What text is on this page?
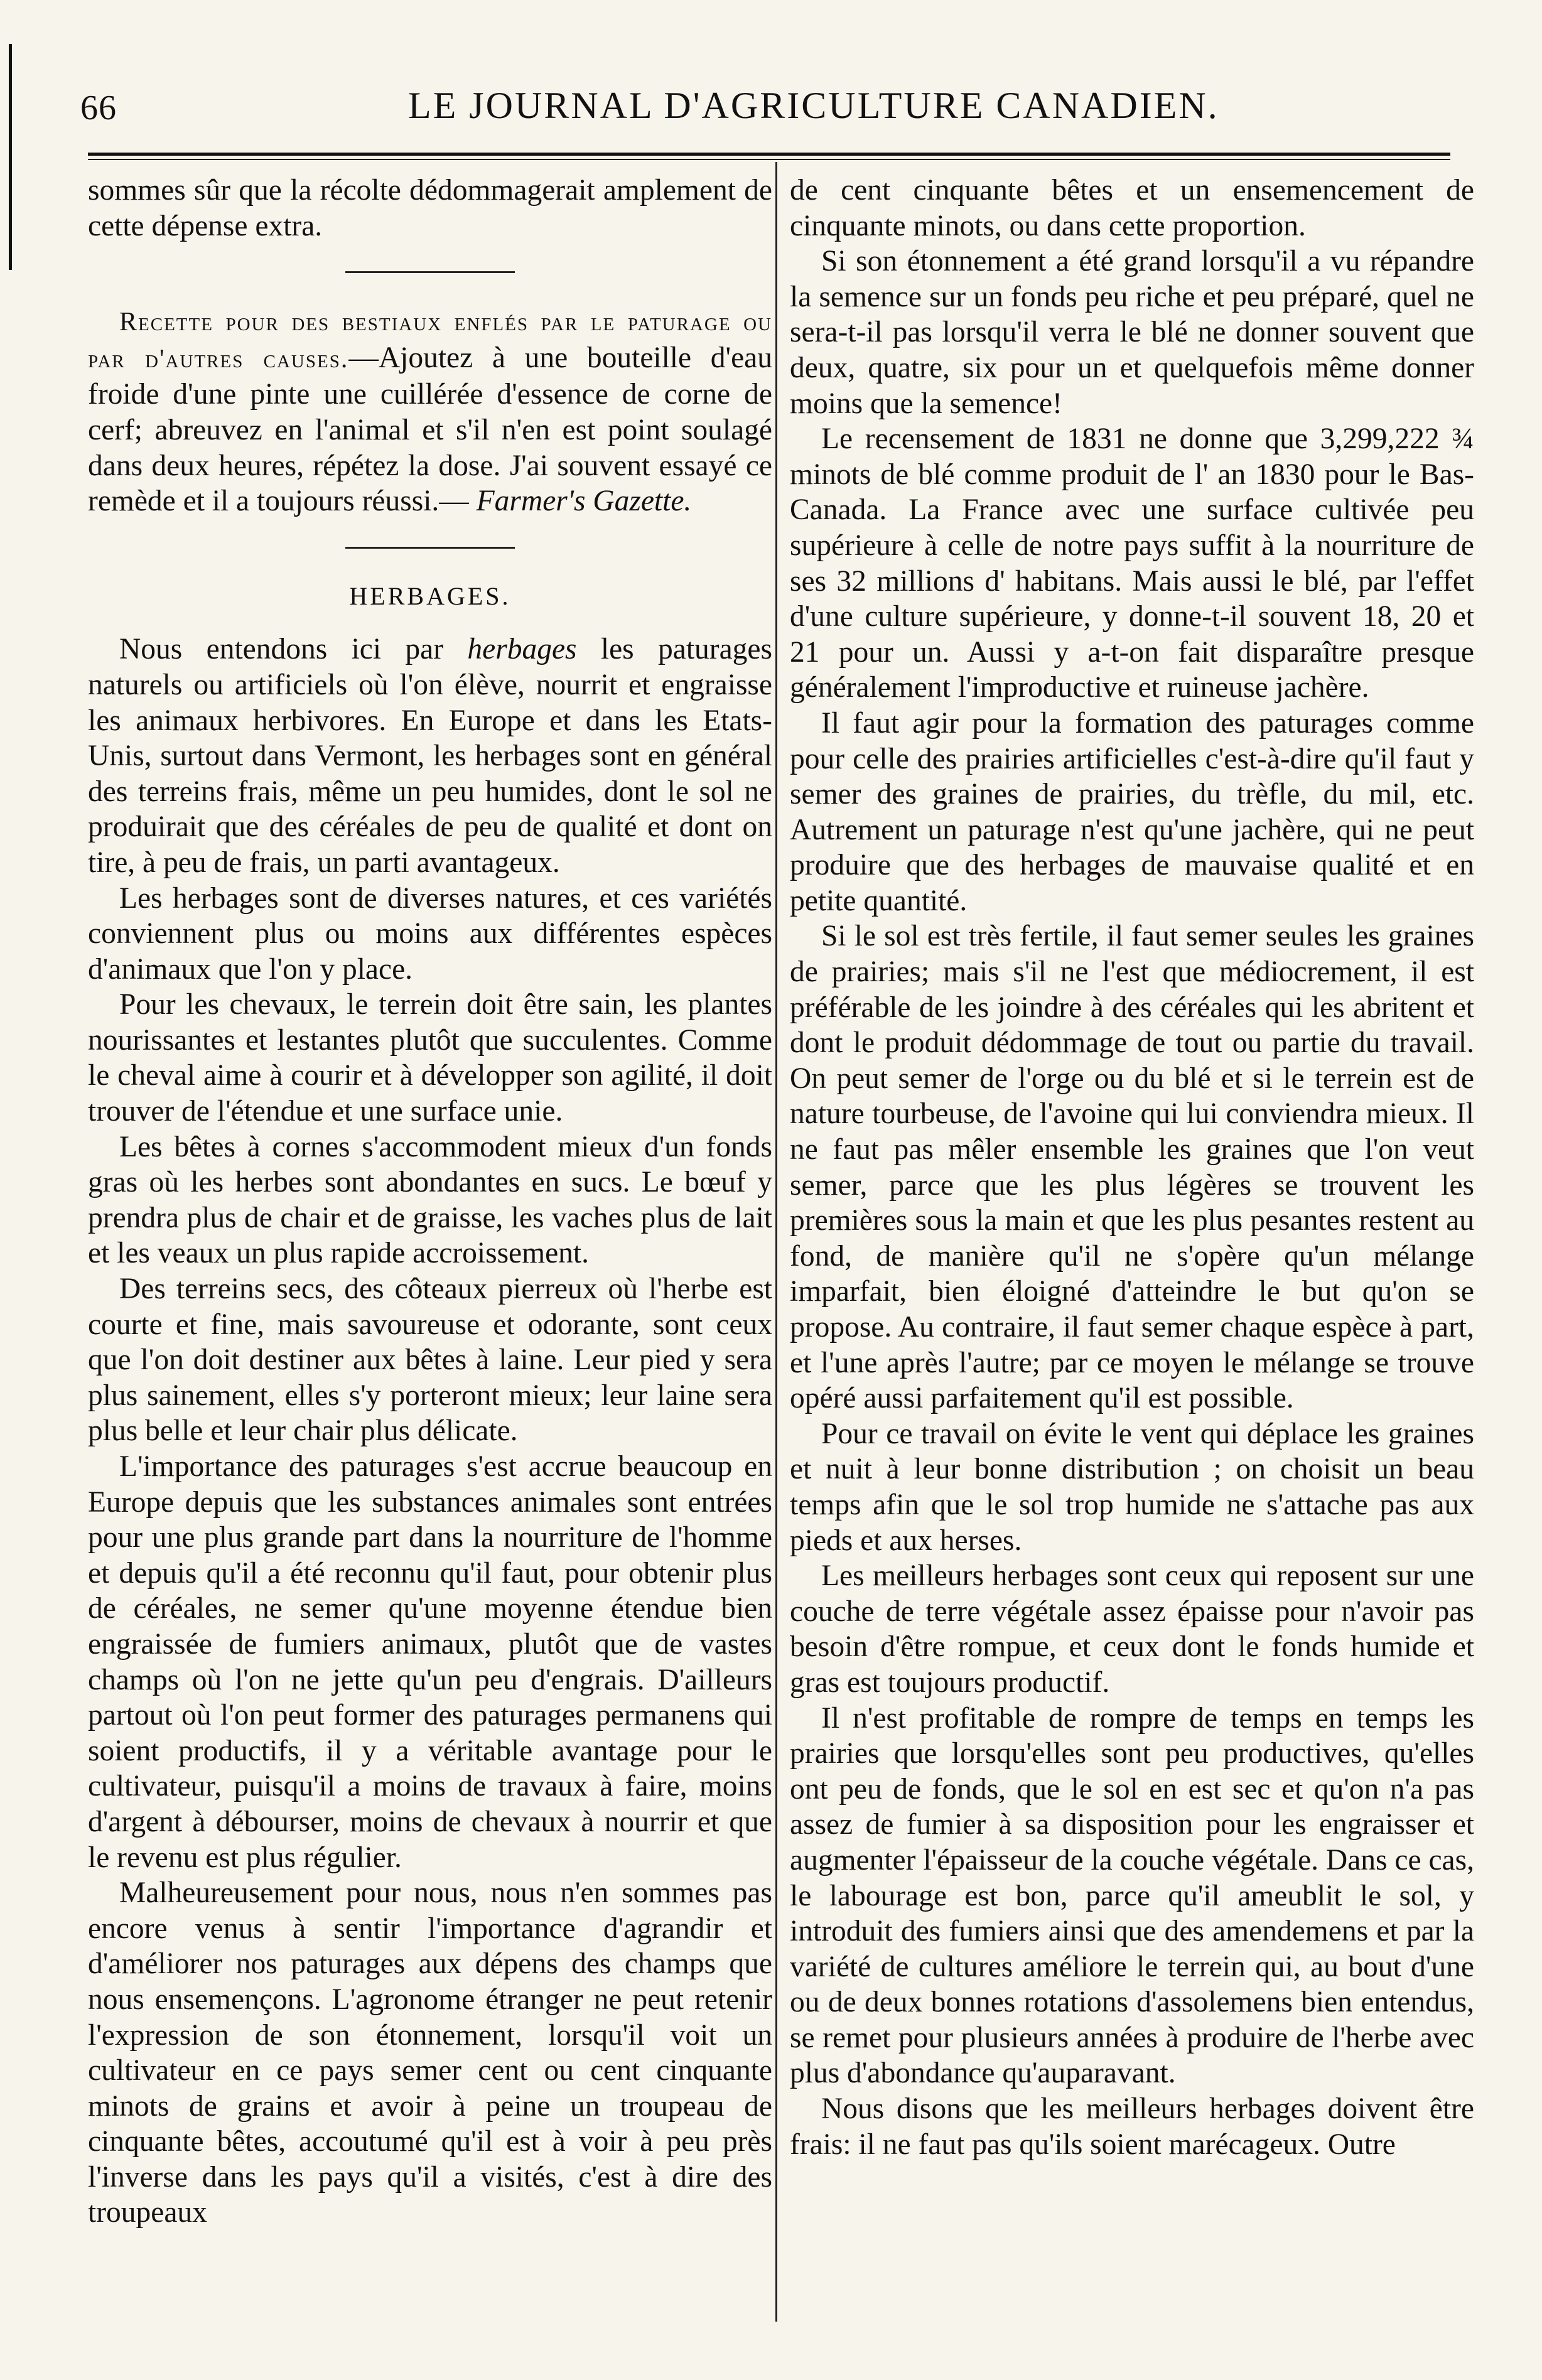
66	LE JOURNAL D'AGRICULTURE CANADIEN.

sommes sûr que la récolte dédommagerait amplement de cette dépense extra.

Recette pour des bestiaux enflés par le paturage ou par d'autres causes.—Ajoutez à une bouteille d'eau froide d'une pinte une cuillérée d'essence de corne de cerf; abreuvez en l'animal et s'il n'en est point soulagé dans deux heures, répétez la dose. J'ai souvent essayé ce remède et il a toujours réussi.— Farmer's Gazette.

HERBAGES.

Nous entendons ici par herbages les paturages naturels ou artificiels où l'on élève, nourrit et engraisse les animaux herbivores. En Europe et dans les Etats-Unis, surtout dans Vermont, les herbages sont en général des terreins frais, même un peu humides, dont le sol ne produirait que des céréales de peu de qualité et dont on tire, à peu de frais, un parti avantageux.

Les herbages sont de diverses natures, et ces variétés conviennent plus ou moins aux différentes espèces d'animaux que l'on y place.

Pour les chevaux, le terrein doit être sain, les plantes nourissantes et lestantes plutôt que succulentes. Comme le cheval aime à courir et à développer son agilité, il doit trouver de l'étendue et une surface unie.

Les bêtes à cornes s'accommodent mieux d'un fonds gras où les herbes sont abondantes en sucs. Le bœuf y prendra plus de chair et de graisse, les vaches plus de lait et les veaux un plus rapide accroissement.

Des terreins secs, des côteaux pierreux où l'herbe est courte et fine, mais savoureuse et odorante, sont ceux que l'on doit destiner aux bêtes à laine. Leur pied y sera plus sainement, elles s'y porteront mieux; leur laine sera plus belle et leur chair plus délicate.

L'importance des paturages s'est accrue beaucoup en Europe depuis que les substances animales sont entrées pour une plus grande part dans la nourriture de l'homme et depuis qu'il a été reconnu qu'il faut, pour obtenir plus de céréales, ne semer qu'une moyenne étendue bien engraissée de fumiers animaux, plutôt que de vastes champs où l'on ne jette qu'un peu d'engrais. D'ailleurs partout où l'on peut former des paturages permanens qui soient productifs, il y a véritable avantage pour le cultivateur, puisqu'il a moins de travaux à faire, moins d'argent à débourser, moins de chevaux à nourrir et que le revenu est plus régulier.

Malheureusement pour nous, nous n'en sommes pas encore venus à sentir l'importance d'agrandir et d'améliorer nos paturages aux dépens des champs que nous ensemençons. L'agronome étranger ne peut retenir l'expression de son étonnement, lorsqu'il voit un cultivateur en ce pays semer cent ou cent cinquante minots de grains et avoir à peine un troupeau de cinquante bêtes, accoutumé qu'il est à voir à peu près l'inverse dans les pays qu'il a visités, c'est à dire des troupeaux

de cent cinquante bêtes et un ensemencement de cinquante minots, ou dans cette proportion.

Si son étonnement a été grand lorsqu'il a vu répandre la semence sur un fonds peu riche et peu préparé, quel ne sera-t-il pas lorsqu'il verra le blé ne donner souvent que deux, quatre, six pour un et quelquefois même donner moins que la semence!

Le recensement de 1831 ne donne que 3,299,222 ¾ minots de blé comme produit de l' an 1830 pour le Bas-Canada. La France avec une surface cultivée peu supérieure à celle de notre pays suffit à la nourriture de ses 32 millions d' habitans. Mais aussi le blé, par l'effet d'une culture supérieure, y donne-t-il souvent 18, 20 et 21 pour un. Aussi y a-t-on fait disparaître presque généralement l'improductive et ruineuse jachère.

Il faut agir pour la formation des paturages comme pour celle des prairies artificielles c'est-à-dire qu'il faut y semer des graines de prairies, du trèfle, du mil, etc. Autrement un paturage n'est qu'une jachère, qui ne peut produire que des herbages de mauvaise qualité et en petite quantité.

Si le sol est très fertile, il faut semer seules les graines de prairies; mais s'il ne l'est que médiocrement, il est préférable de les joindre à des céréales qui les abritent et dont le produit dédommage de tout ou partie du travail. On peut semer de l'orge ou du blé et si le terrein est de nature tourbeuse, de l'avoine qui lui conviendra mieux. Il ne faut pas mêler ensemble les graines que l'on veut semer, parce que les plus légères se trouvent les premières sous la main et que les plus pesantes restent au fond, de manière qu'il ne s'opère qu'un mélange imparfait, bien éloigné d'atteindre le but qu'on se propose. Au contraire, il faut semer chaque espèce à part, et l'une après l'autre; par ce moyen le mélange se trouve opéré aussi parfaitement qu'il est possible.

Pour ce travail on évite le vent qui déplace les graines et nuit à leur bonne distribution ; on choisit un beau temps afin que le sol trop humide ne s'attache pas aux pieds et aux herses.

Les meilleurs herbages sont ceux qui reposent sur une couche de terre végétale assez épaisse pour n'avoir pas besoin d'être rompue, et ceux dont le fonds humide et gras est toujours productif.

Il n'est profitable de rompre de temps en temps les prairies que lorsqu'elles sont peu productives, qu'elles ont peu de fonds, que le sol en est sec et qu'on n'a pas assez de fumier à sa disposition pour les engraisser et augmenter l'épaisseur de la couche végétale. Dans ce cas, le labourage est bon, parce qu'il ameublit le sol, y introduit des fumiers ainsi que des amendemens et par la variété de cultures améliore le terrein qui, au bout d'une ou de deux bonnes rotations d'assolemens bien entendus, se remet pour plusieurs années à produire de l'herbe avec plus d'abondance qu'auparavant.

Nous disons que les meilleurs herbages doivent être frais: il ne faut pas qu'ils soient marécageux. Outre
